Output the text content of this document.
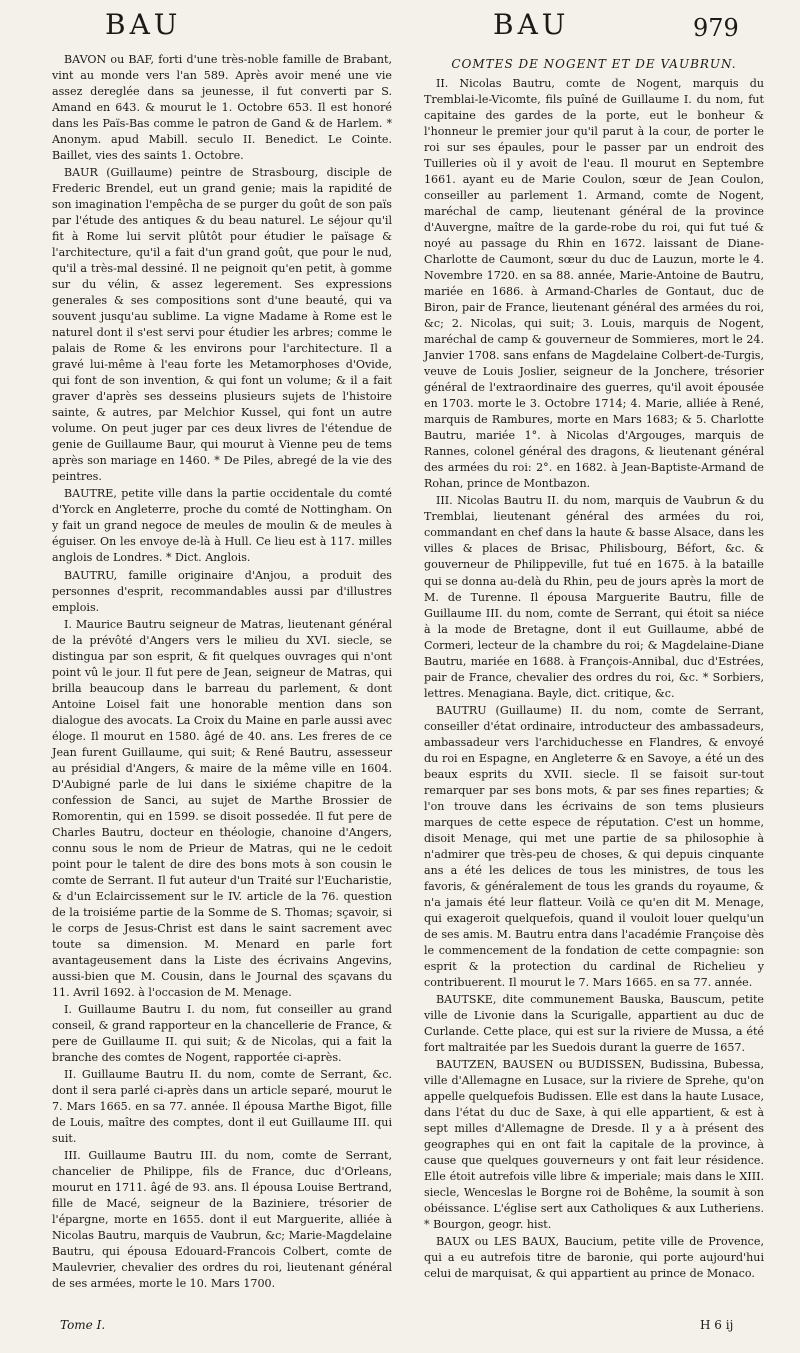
BAU	BAU	979

BAVON ou BAF, forti d'une très-noble famille de Brabant, vint au monde vers l'an 589. Après avoir mené une vie assez dereglée dans sa jeunesse, il fut converti par S. Amand en 643. & mourut le 1. Octobre 653. Il est honoré dans les Païs-Bas comme le patron de Gand & de Harlem. * Anonym. apud Mabill. seculo II. Benedict. Le Cointe. Baillet, vies des saints 1. Octobre.

BAUR (Guillaume) peintre de Strasbourg, disciple de Frederic Brendel, eut un grand genie; mais la rapidité de son imagination l'empêcha de se purger du goût de son païs par l'étude des antiques & du beau naturel. Le séjour qu'il fit à Rome lui servit plûtôt pour étudier le païsage & l'architecture, qu'il a fait d'un grand goût, que pour le nud, qu'il a très-mal dessiné. Il ne peignoit qu'en petit, à gomme sur du vélin, & assez legerement. Ses expressions generales & ses compositions sont d'une beauté, qui va souvent jusqu'au sublime. La vigne Madame à Rome est le naturel dont il s'est servi pour étudier les arbres; comme le palais de Rome & les environs pour l'architecture. Il a gravé lui-même à l'eau forte les Metamorphoses d'Ovide, qui font de son invention, & qui font un volume; & il a fait graver d'après ses desseins plusieurs sujets de l'histoire sainte, & autres, par Melchior Kussel, qui font un autre volume. On peut juger par ces deux livres de l'étendue de genie de Guillaume Baur, qui mourut à Vienne peu de tems après son mariage en 1460. * De Piles, abregé de la vie des peintres.

BAUTRE, petite ville dans la partie occidentale du comté d'Yorck en Angleterre, proche du comté de Nottingham. On y fait un grand negoce de meules de moulin & de meules à éguiser. On les envoye de-là à Hull. Ce lieu est à 117. milles anglois de Londres. * Dict. Anglois.

BAUTRU, famille originaire d'Anjou, a produit des personnes d'esprit, recommandables aussi par d'illustres emplois.

I. Maurice Bautru seigneur de Matras, lieutenant général de la prévôté d'Angers vers le milieu du XVI. siecle, se distingua par son esprit, & fit quelques ouvrages qui n'ont point vû le jour. Il fut pere de Jean, seigneur de Matras, qui brilla beaucoup dans le barreau du parlement, & dont Antoine Loisel fait une honorable mention dans son dialogue des avocats. La Croix du Maine en parle aussi avec éloge. Il mourut en 1580. âgé de 40. ans. Les freres de ce Jean furent Guillaume, qui suit; & René Bautru, assesseur au présidial d'Angers, & maire de la même ville en 1604. D'Aubigné parle de lui dans le sixiéme chapitre de la confession de Sanci, au sujet de Marthe Brossier de Romorentin, qui en 1599. se disoit possedée. Il fut pere de Charles Bautru, docteur en théologie, chanoine d'Angers, connu sous le nom de Prieur de Matras, qui ne le cedoit point pour le talent de dire des bons mots à son cousin le comte de Serrant. Il fut auteur d'un Traité sur l'Eucharistie, & d'un Eclaircissement sur le IV. article de la 76. question de la troisiéme partie de la Somme de S. Thomas; sçavoir, si le corps de Jesus-Christ est dans le saint sacrement avec toute sa dimension. M. Menard en parle fort avantageusement dans la Liste des écrivains Angevins, aussi-bien que M. Cousin, dans le Journal des sçavans du 11. Avril 1692. à l'occasion de M. Menage.

I. Guillaume Bautru I. du nom, fut conseiller au grand conseil, & grand rapporteur en la chancellerie de France, & pere de Guillaume II. qui suit; & de Nicolas, qui a fait la branche des comtes de Nogent, rapportée ci-après.

II. Guillaume Bautru II. du nom, comte de Serrant, &c. dont il sera parlé ci-après dans un article separé, mourut le 7. Mars 1665. en sa 77. année. Il épousa Marthe Bigot, fille de Louis, maître des comptes, dont il eut Guillaume III. qui suit.

III. Guillaume Bautru III. du nom, comte de Serrant, chancelier de Philippe, fils de France, duc d'Orleans, mourut en 1711. âgé de 93. ans. Il épousa Louise Bertrand, fille de Macé, seigneur de la Baziniere, trésorier de l'épargne, morte en 1655. dont il eut Marguerite, alliée à Nicolas Bautru, marquis de Vaubrun, &c; Marie-Magdelaine Bautru, qui épousa Edouard-Francois Colbert, comte de Maulevrier, chevalier des ordres du roi, lieutenant général de ses armées, morte le 10. Mars 1700.

COMTES DE NOGENT ET DE VAUBRUN.

II. Nicolas Bautru, comte de Nogent, marquis du Tremblai-le-Vicomte, fils puîné de Guillaume I. du nom, fut capitaine des gardes de la porte, eut le bonheur & l'honneur le premier jour qu'il parut à la cour, de porter le roi sur ses épaules, pour le passer par un endroit des Tuilleries où il y avoit de l'eau. Il mourut en Septembre 1661. ayant eu de Marie Coulon, sœur de Jean Coulon, conseiller au parlement 1. Armand, comte de Nogent, maréchal de camp, lieutenant général de la province d'Auvergne, maître de la garde-robe du roi, qui fut tué & noyé au passage du Rhin en 1672. laissant de Diane-Charlotte de Caumont, sœur du duc de Lauzun, morte le 4. Novembre 1720. en sa 88. année, Marie-Antoine de Bautru, mariée en 1686. à Armand-Charles de Gontaut, duc de Biron, pair de France, lieutenant général des armées du roi, &c; 2. Nicolas, qui suit; 3. Louis, marquis de Nogent, maréchal de camp & gouverneur de Sommieres, mort le 24. Janvier 1708. sans enfans de Magdelaine Colbert-de-Turgis, veuve de Louis Joslier, seigneur de la Jonchere, trésorier général de l'extraordinaire des guerres, qu'il avoit épousée en 1703. morte le 3. Octobre 1714; 4. Marie, alliée à René, marquis de Rambures, morte en Mars 1683; & 5. Charlotte Bautru, mariée 1°. à Nicolas d'Argouges, marquis de Rannes, colonel général des dragons, & lieutenant général des armées du roi: 2°. en 1682. à Jean-Baptiste-Armand de Rohan, prince de Montbazon.

III. Nicolas Bautru II. du nom, marquis de Vaubrun & du Tremblai, lieutenant général des armées du roi, commandant en chef dans la haute & basse Alsace, dans les villes & places de Brisac, Philisbourg, Béfort, &c. & gouverneur de Philippeville, fut tué en 1675. à la bataille qui se donna au-delà du Rhin, peu de jours après la mort de M. de Turenne. Il épousa Marguerite Bautru, fille de Guillaume III. du nom, comte de Serrant, qui étoit sa niéce à la mode de Bretagne, dont il eut Guillaume, abbé de Cormeri, lecteur de la chambre du roi; & Magdelaine-Diane Bautru, mariée en 1688. à François-Annibal, duc d'Estrées, pair de France, chevalier des ordres du roi, &c. * Sorbiers, lettres. Menagiana. Bayle, dict. critique, &c.

BAUTRU (Guillaume) II. du nom, comte de Serrant, conseiller d'état ordinaire, introducteur des ambassadeurs, ambassadeur vers l'archiduchesse en Flandres, & envoyé du roi en Espagne, en Angleterre & en Savoye, a été un des beaux esprits du XVII. siecle. Il se faisoit sur-tout remarquer par ses bons mots, & par ses fines reparties; & l'on trouve dans les écrivains de son tems plusieurs marques de cette espece de réputation. C'est un homme, disoit Menage, qui met une partie de sa philosophie à n'admirer que très-peu de choses, & qui depuis cinquante ans a été les delices de tous les ministres, de tous les favoris, & généralement de tous les grands du royaume, & n'a jamais été leur flatteur. Voilà ce qu'en dit M. Menage, qui exageroit quelquefois, quand il vouloit louer quelqu'un de ses amis. M. Bautru entra dans l'académie Françoise dès le commencement de la fondation de cette compagnie: son esprit & la protection du cardinal de Richelieu y contribuerent. Il mourut le 7. Mars 1665. en sa 77. année.

BAUTSKE, dite communement Bauska, Bauscum, petite ville de Livonie dans la Scurigalle, appartient au duc de Curlande. Cette place, qui est sur la riviere de Mussa, a été fort maltraitée par les Suedois durant la guerre de 1657.

BAUTZEN, BAUSEN ou BUDISSEN, Budissina, Bubessa, ville d'Allemagne en Lusace, sur la riviere de Sprehe, qu'on appelle quelquefois Budissen. Elle est dans la haute Lusace, dans l'état du duc de Saxe, à qui elle appartient, & est à sept milles d'Allemagne de Dresde. Il y a à présent des geographes qui en ont fait la capitale de la province, à cause que quelques gouverneurs y ont fait leur résidence. Elle étoit autrefois ville libre & imperiale; mais dans le XIII. siecle, Wenceslas le Borgne roi de Bohême, la soumit à son obéissance. L'église sert aux Catholiques & aux Lutheriens. * Bourgon, geogr. hist.

BAUX ou LES BAUX, Baucium, petite ville de Provence, qui a eu autrefois titre de baronie, qui porte aujourd'hui celui de marquisat, & qui appartient au prince de Monaco.

Tome I.	H 6 ij
